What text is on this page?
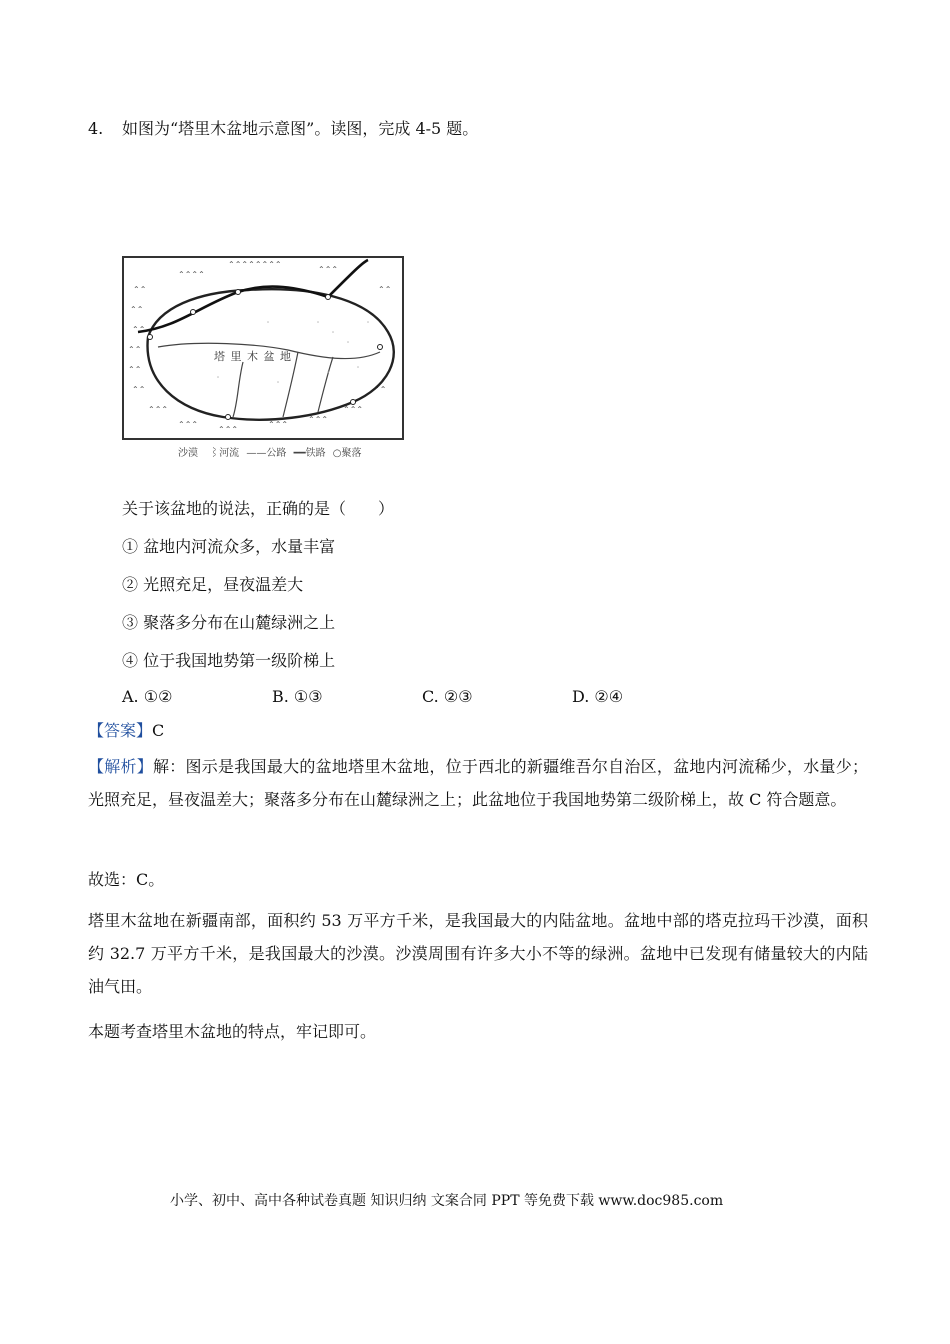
4. 如图为“塔里木盆地示意图”。读图，完成 4-5 题。
⌃⌃
⌃⌃
⌃⌃
⌃⌃
⌃⌃
⌃⌃
⌃⌃⌃
⌃⌃⌃
⌃⌃⌃
⌃⌃⌃
⌃⌃⌃
⌃⌃⌃
⌃⌃
⌃⌃
⌃⌃⌃⌃⌃⌃⌃⌃
⌃⌃⌃⌃
⌃⌃⌃
塔 里 木 盆 地
沙漠 ⌇河流 ——公路 ━━铁路 ○聚落
关于该盆地的说法，正确的是（　　）
① 盆地内河流众多，水量丰富
② 光照充足，昼夜温差大
③ 聚落多分布在山麓绿洲之上
④ 位于我国地势第一级阶梯上
A. ①②	B. ①③	C. ②③	D. ②④
【答案】C
【解析】解：图示是我国最大的盆地塔里木盆地，位于西北的新疆维吾尔自治区，盆地内河流稀少，水量少；光照充足，昼夜温差大；聚落多分布在山麓绿洲之上；此盆地位于我国地势第二级阶梯上，故 C 符合题意。
故选：C。
塔里木盆地在新疆南部，面积约 53 万平方千米，是我国最大的内陆盆地。盆地中部的塔克拉玛干沙漠，面积约 32.7 万平方千米，是我国最大的沙漠。沙漠周围有许多大小不等的绿洲。盆地中已发现有储量较大的内陆油气田。
本题考查塔里木盆地的特点，牢记即可。
小学、初中、高中各种试卷真题 知识归纳 文案合同 PPT 等免费下载 www.doc985.com
